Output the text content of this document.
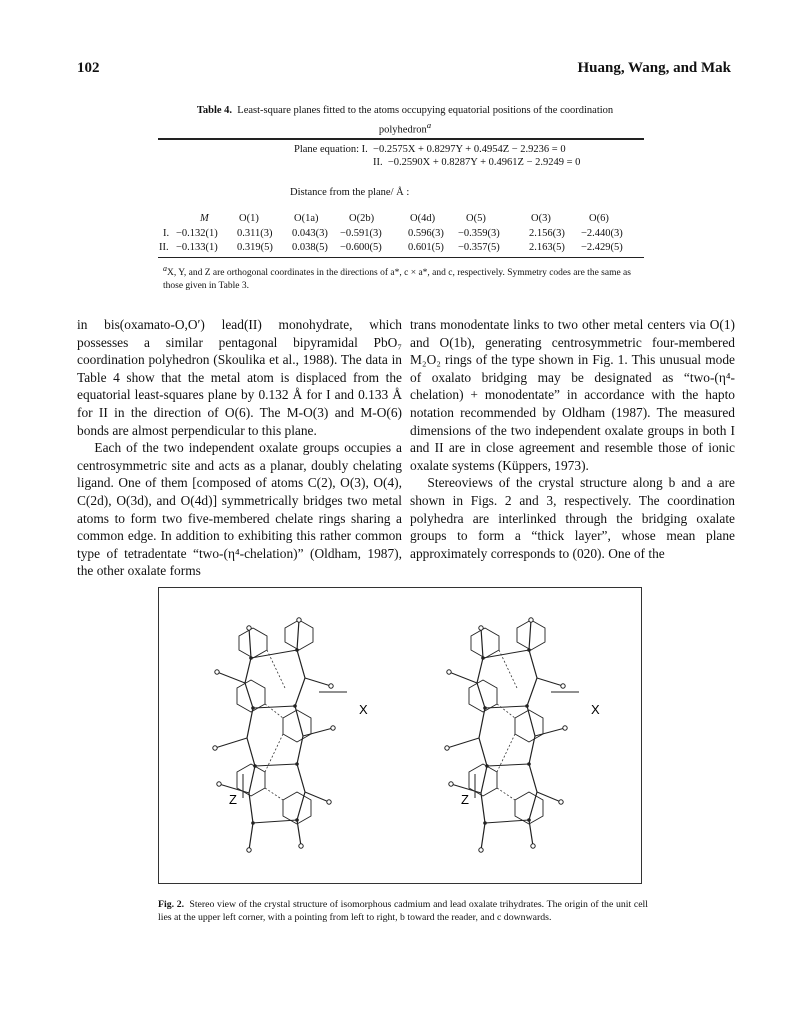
102	Huang, Wang, and Mak
Table 4. Least-square planes fitted to the atoms occupying equatorial positions of the coordination polyhedron$^a$
Plane equation: I. −0.2575X + 0.8297Y + 0.4954Z − 2.9236 = 0
II. −0.2590X + 0.8287Y + 0.4961Z − 2.9249 = 0
Distance from the plane/ Å :
M	O(1)	O(1a)	O(2b)	O(4d)	O(5)	O(3)	O(6)
I. −0.132(1) 0.311(3) 0.043(3) −0.591(3) 0.596(3) −0.359(3)	2.156(3) −2.440(3)
II. −0.133(1) 0.319(5) 0.038(5) −0.600(5) 0.601(5) −0.357(5)	2.163(5) −2.429(5)
$^a$X, Y, and Z are orthogonal coordinates in the directions of a*, c × a*, and c, respectively. Symmetry codes are the same as those given in Table 3.

in bis(oxamato-O,O′) lead(II) monohydrate, which possesses a similar pentagonal bipyramidal PbO₇ coordination polyhedron (Skoulika et al., 1988). The data in Table 4 show that the metal atom is displaced from the equatorial least-squares plane by 0.132 Å for I and 0.133 Å for II in the direction of O(6). The M-O(3) and M-O(6) bonds are almost perpendicular to this plane.

Each of the two independent oxalate groups occupies a centrosymmetric site and acts as a planar, doubly chelating ligand. One of them [composed of atoms C(2), O(3), O(4), C(2d), O(3d), and O(4d)] symmetrically bridges two metal atoms to form two five-membered chelate rings sharing a common edge. In addition to exhibiting this rather common type of tetradentate “two-(η⁴-chelation)” (Oldham, 1987), the other oxalate forms

trans monodentate links to two other metal centers via O(1) and O(1b), generating centrosymmetric four-membered M₂O₂ rings of the type shown in Fig. 1. This unusual mode of oxalato bridging may be designated as “two-(η⁴-chelation) + monodentate” in accordance with the hapto notation recommended by Oldham (1987). The measured dimensions of the two independent oxalate groups in both I and II are in close agreement and resemble those of ionic oxalate systems (Küppers, 1973).

Stereoviews of the crystal structure along b and a are shown in Figs. 2 and 3, respectively. The coordination polyhedra are interlinked through the bridging oxalate groups to form a “thick layer”, whose mean plane approximately corresponds to (020). One of the

X
Z
X
Z
Fig. 2. Stereo view of the crystal structure of isomorphous cadmium and lead oxalate trihydrates. The origin of the unit cell lies at the upper left corner, with a pointing from left to right, b toward the reader, and c downwards.
